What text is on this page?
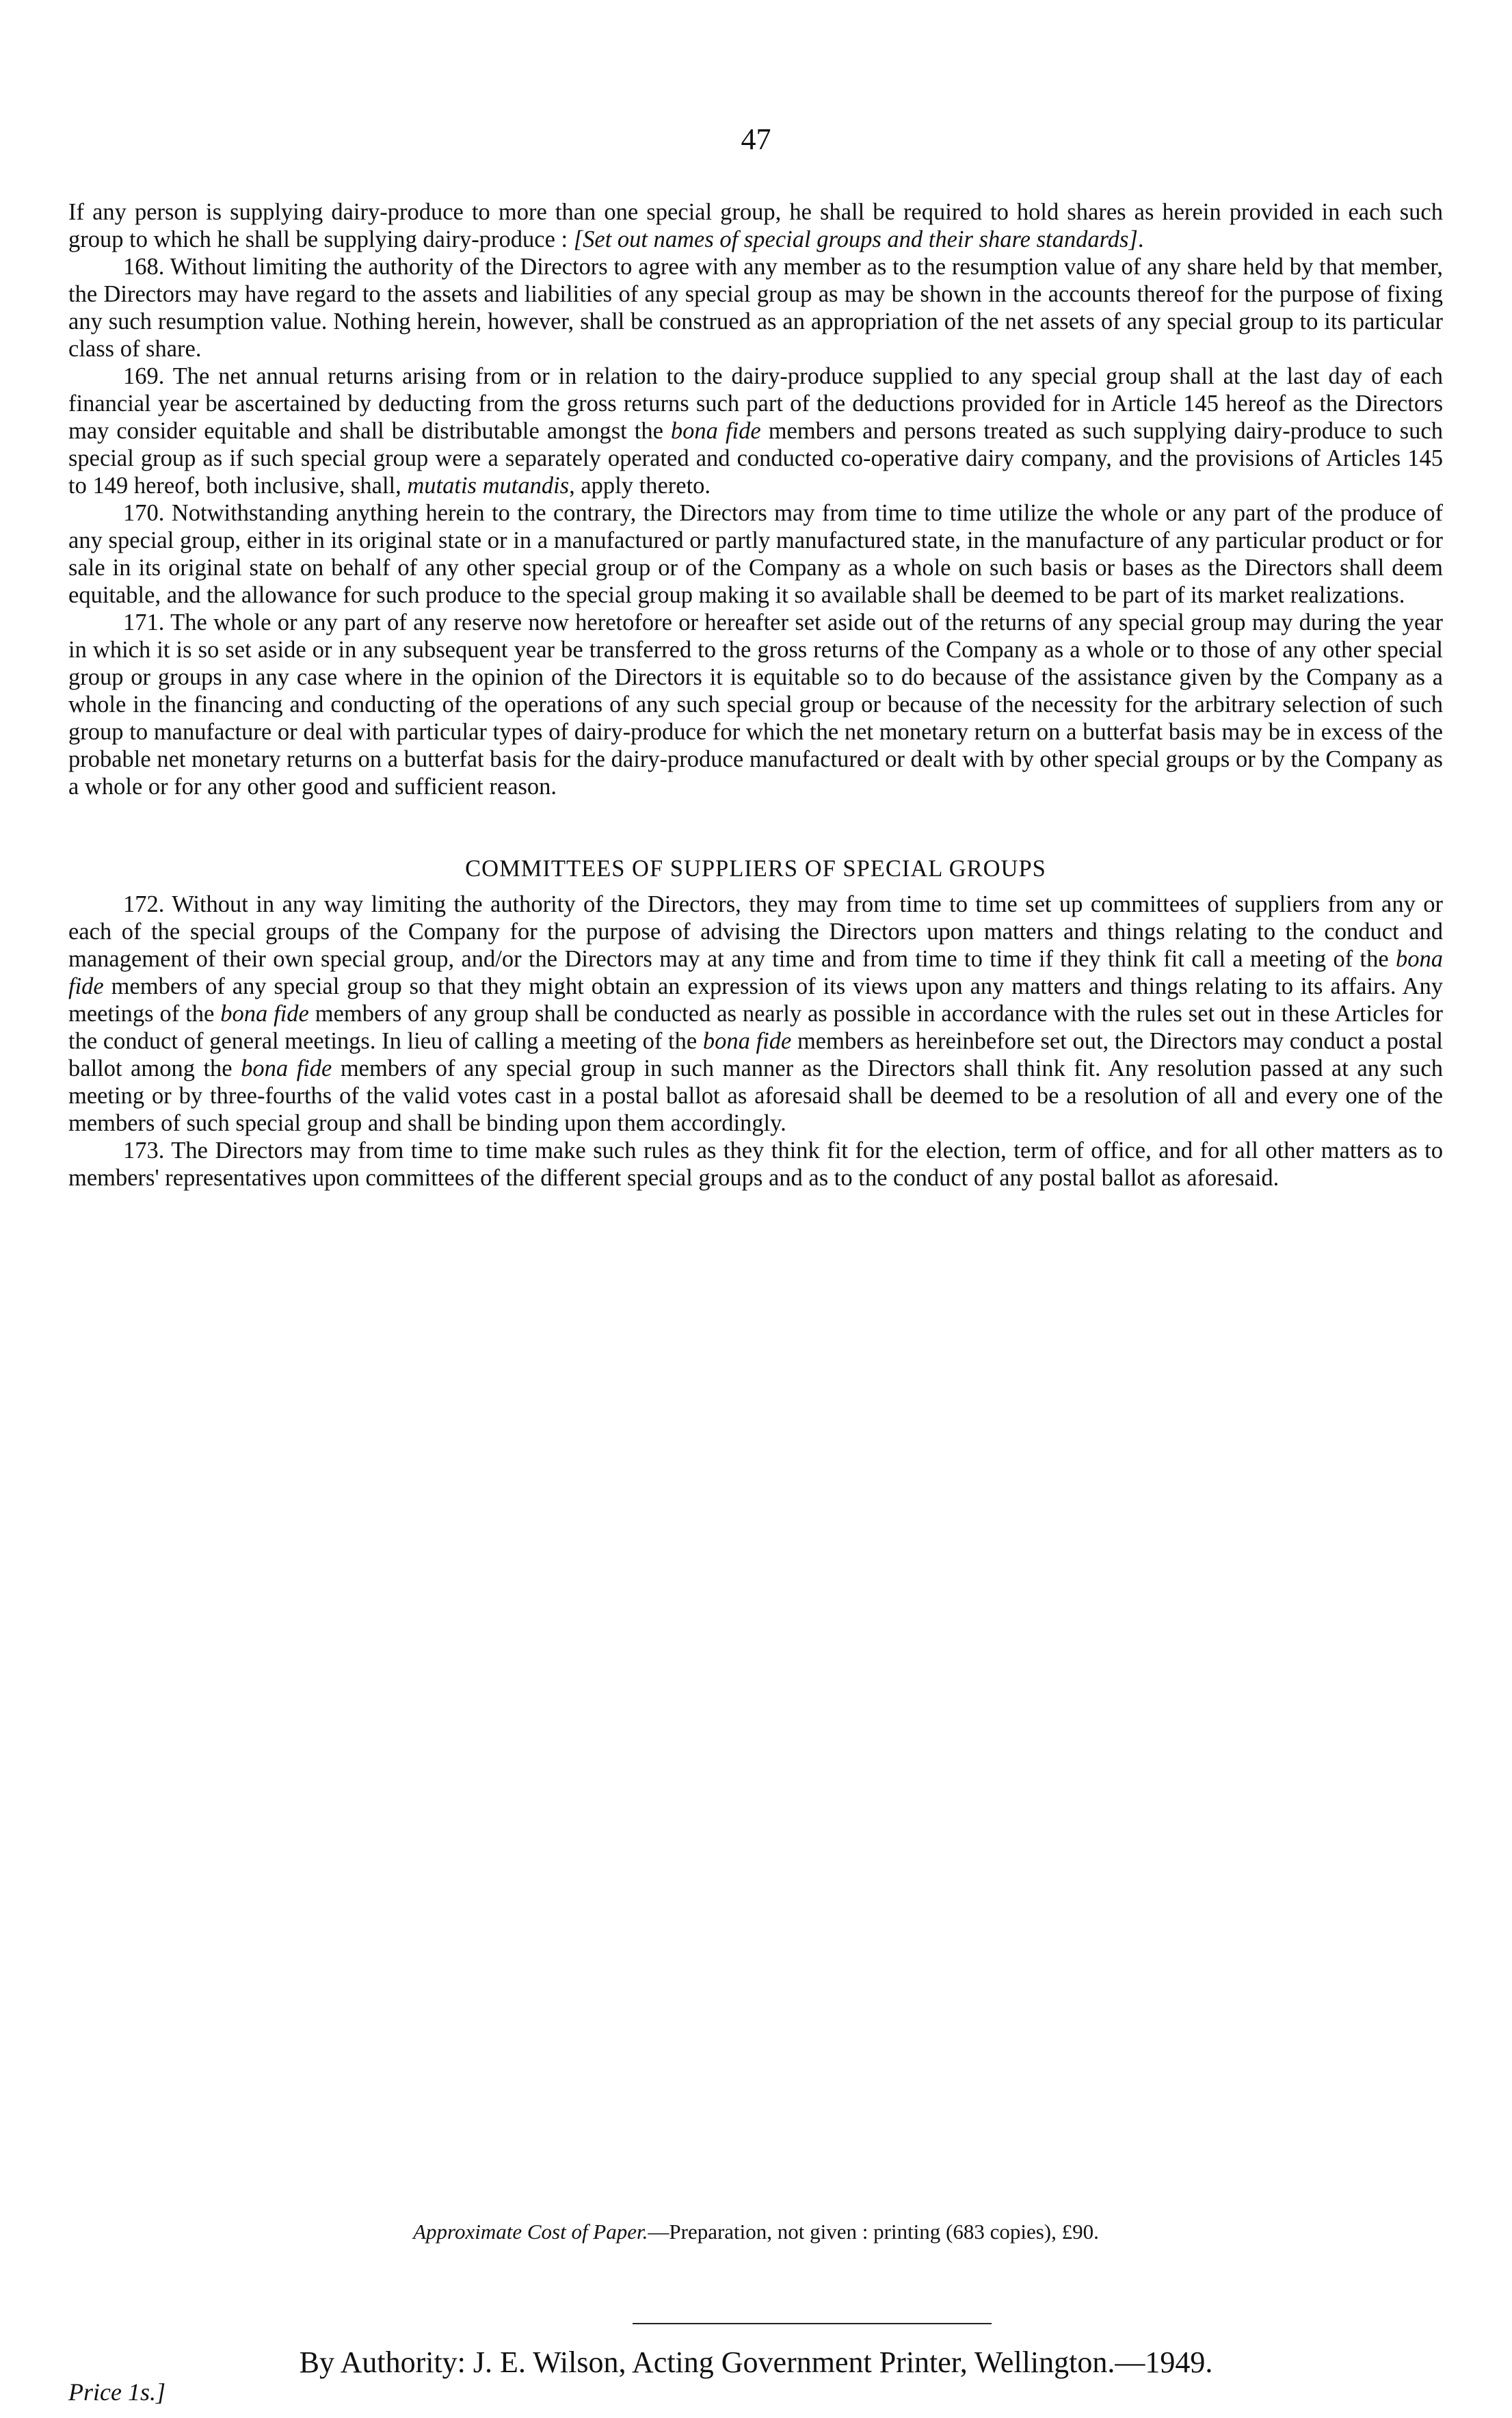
47

If any person is supplying dairy-produce to more than one special group, he shall be required to hold shares as herein provided in each such group to which he shall be supplying dairy-produce : [Set out names of special groups and their share standards].

168. Without limiting the authority of the Directors to agree with any member as to the resumption value of any share held by that member, the Directors may have regard to the assets and liabilities of any special group as may be shown in the accounts thereof for the purpose of fixing any such resumption value. Nothing herein, however, shall be construed as an appropriation of the net assets of any special group to its particular class of share.

169. The net annual returns arising from or in relation to the dairy-produce supplied to any special group shall at the last day of each financial year be ascertained by deducting from the gross returns such part of the deductions provided for in Article 145 hereof as the Directors may consider equitable and shall be distributable amongst the bona fide members and persons treated as such supplying dairy-produce to such special group as if such special group were a separately operated and conducted co-operative dairy company, and the provisions of Articles 145 to 149 hereof, both inclusive, shall, mutatis mutandis, apply thereto.

170. Notwithstanding anything herein to the contrary, the Directors may from time to time utilize the whole or any part of the produce of any special group, either in its original state or in a manufactured or partly manufactured state, in the manufacture of any particular product or for sale in its original state on behalf of any other special group or of the Company as a whole on such basis or bases as the Directors shall deem equitable, and the allowance for such produce to the special group making it so available shall be deemed to be part of its market realizations.

171. The whole or any part of any reserve now heretofore or hereafter set aside out of the returns of any special group may during the year in which it is so set aside or in any subsequent year be transferred to the gross returns of the Company as a whole or to those of any other special group or groups in any case where in the opinion of the Directors it is equitable so to do because of the assistance given by the Company as a whole in the financing and conducting of the operations of any such special group or because of the necessity for the arbitrary selection of such group to manufacture or deal with particular types of dairy-produce for which the net monetary return on a butterfat basis may be in excess of the probable net monetary returns on a butterfat basis for the dairy-produce manufactured or dealt with by other special groups or by the Company as a whole or for any other good and sufficient reason.

COMMITTEES OF SUPPLIERS OF SPECIAL GROUPS

172. Without in any way limiting the authority of the Directors, they may from time to time set up committees of suppliers from any or each of the special groups of the Company for the purpose of advising the Directors upon matters and things relating to the conduct and management of their own special group, and/or the Directors may at any time and from time to time if they think fit call a meeting of the bona fide members of any special group so that they might obtain an expression of its views upon any matters and things relating to its affairs. Any meetings of the bona fide members of any group shall be conducted as nearly as possible in accordance with the rules set out in these Articles for the conduct of general meetings. In lieu of calling a meeting of the bona fide members as hereinbefore set out, the Directors may conduct a postal ballot among the bona fide members of any special group in such manner as the Directors shall think fit. Any resolution passed at any such meeting or by three-fourths of the valid votes cast in a postal ballot as aforesaid shall be deemed to be a resolution of all and every one of the members of such special group and shall be binding upon them accordingly.

173. The Directors may from time to time make such rules as they think fit for the election, term of office, and for all other matters as to members' representatives upon committees of the different special groups and as to the conduct of any postal ballot as aforesaid.

Approximate Cost of Paper.—Preparation, not given : printing (683 copies), £90.
By Authority: J. E. Wilson, Acting Government Printer, Wellington.—1949.
Price 1s.]
